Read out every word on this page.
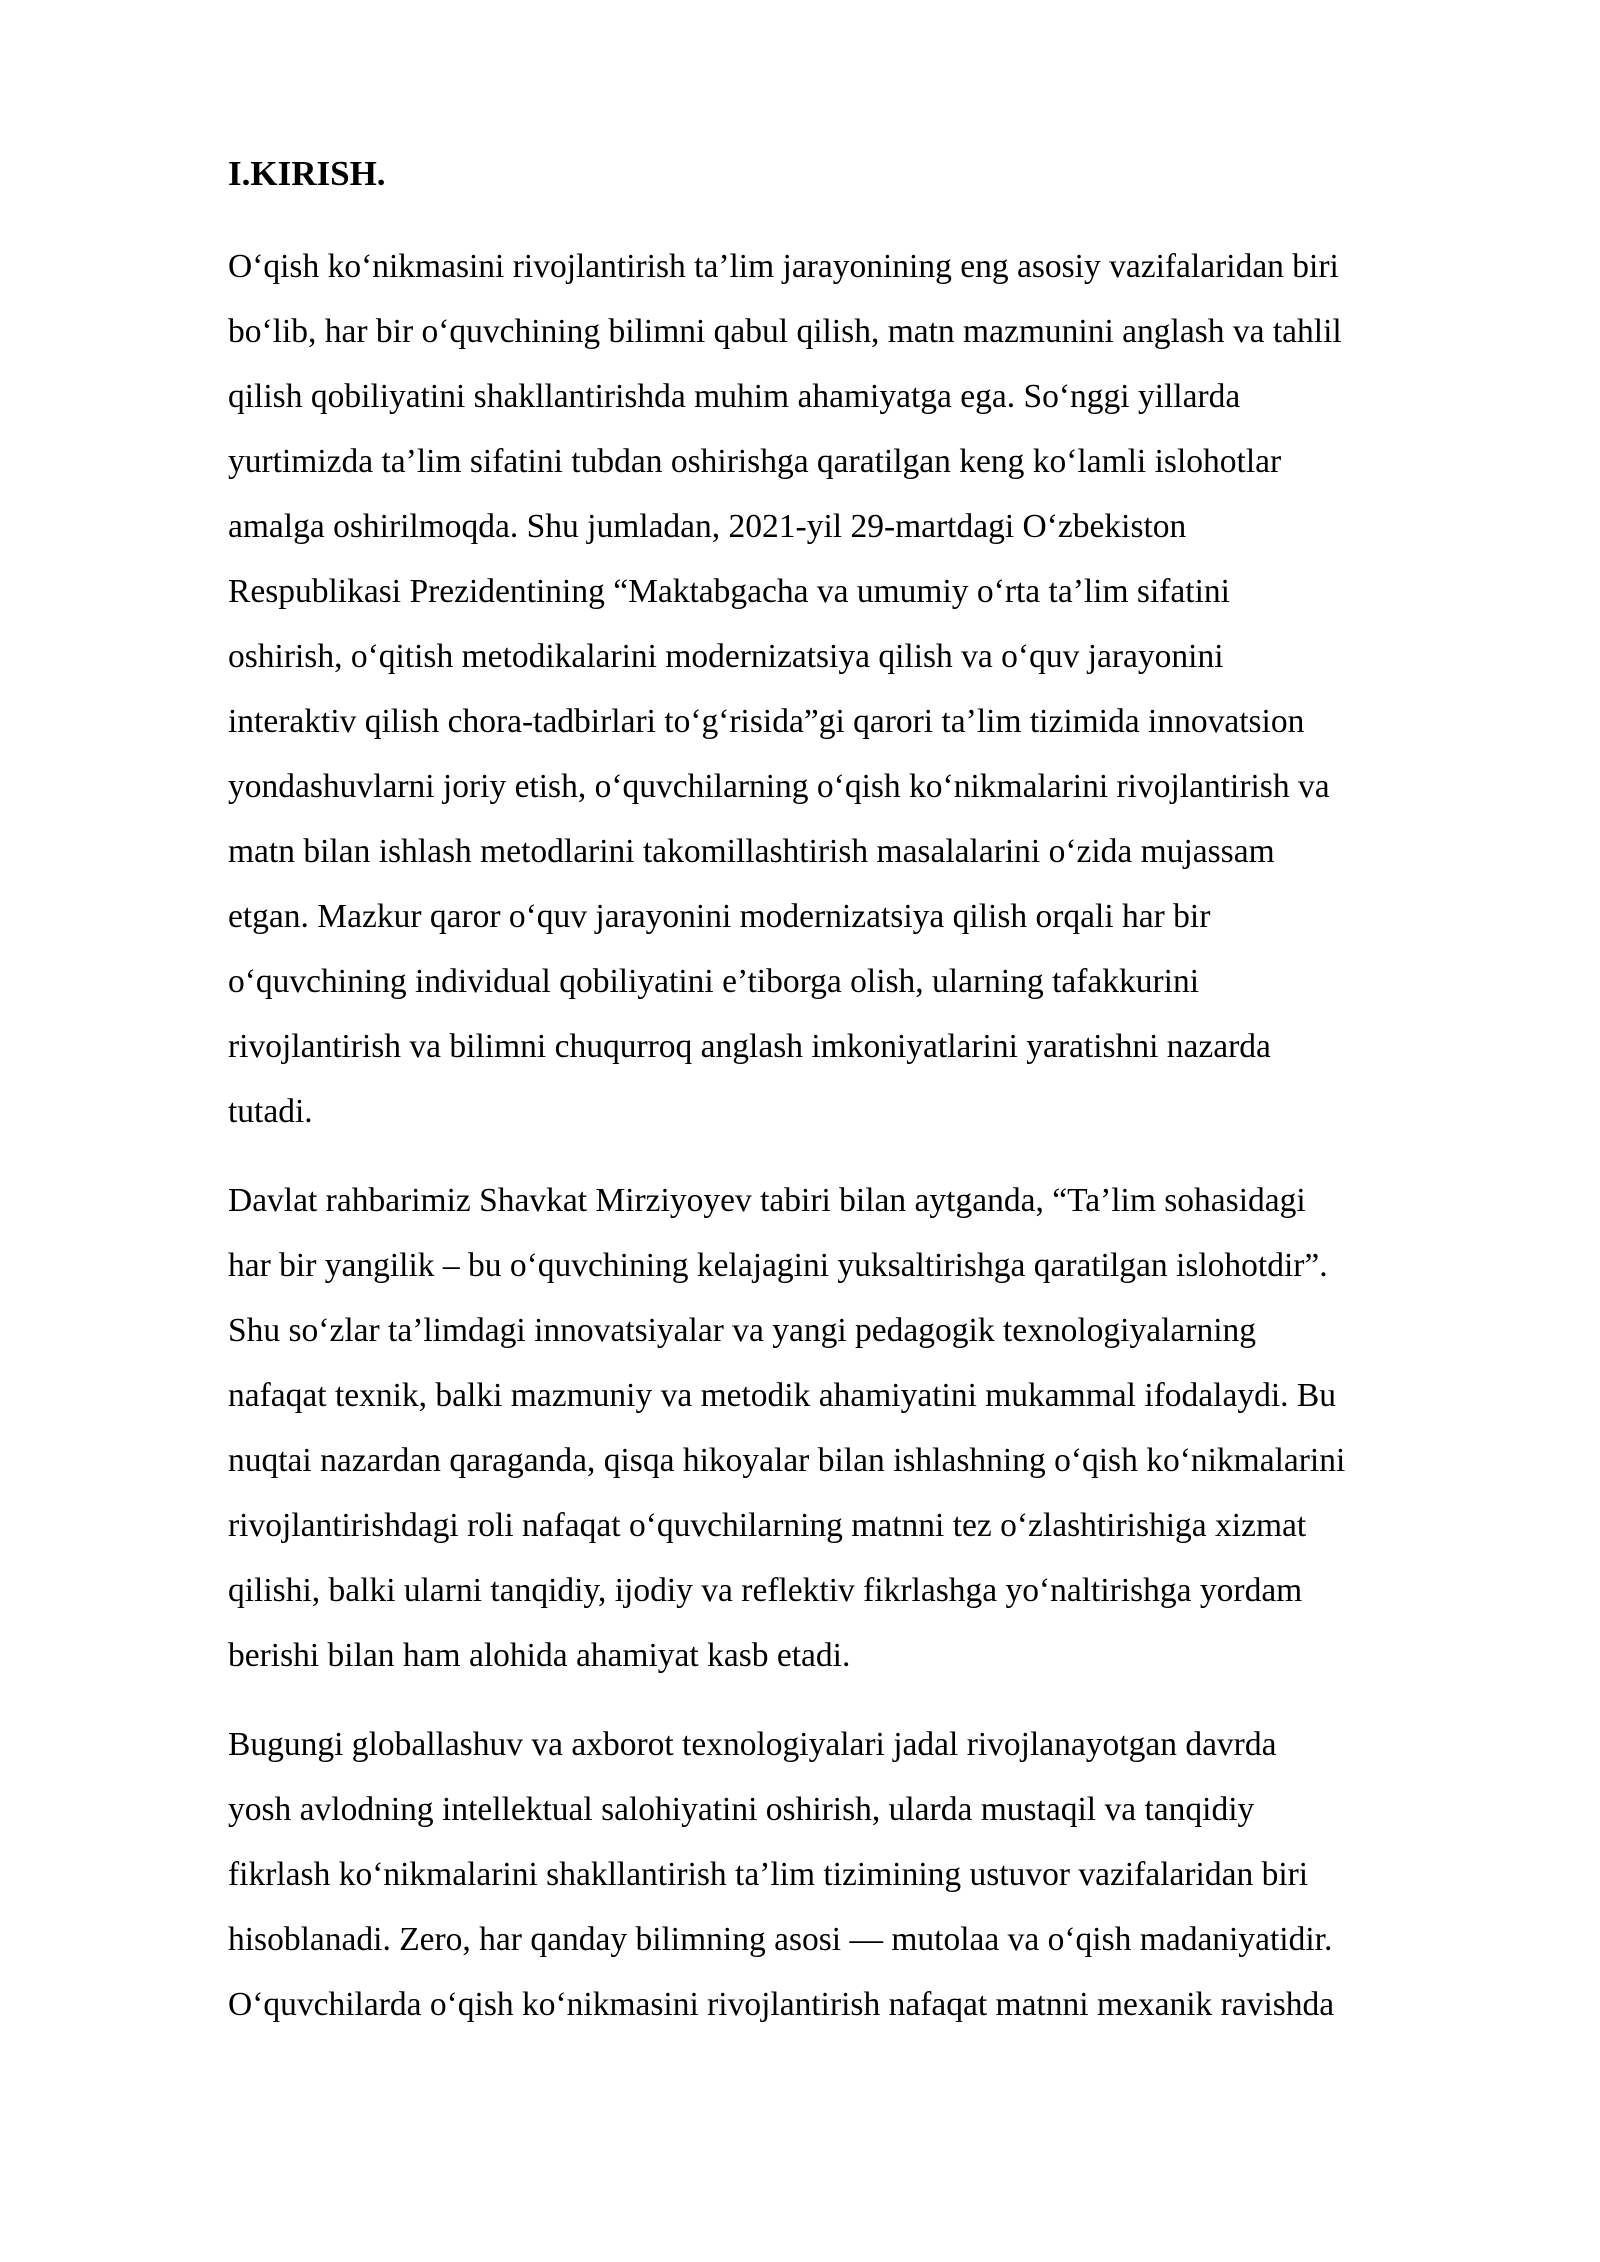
I.KIRISH.
O‘qish ko‘nikmasini rivojlantirish ta’lim jarayonining eng asosiy vazifalaridan biri
bo‘lib, har bir o‘quvchining bilimni qabul qilish, matn mazmunini anglash va tahlil
qilish qobiliyatini shakllantirishda muhim ahamiyatga ega. So‘nggi yillarda
yurtimizda ta’lim sifatini tubdan oshirishga qaratilgan keng ko‘lamli islohotlar
amalga oshirilmoqda. Shu jumladan, 2021-yil 29-martdagi O‘zbekiston
Respublikasi Prezidentining “Maktabgacha va umumiy o‘rta ta’lim sifatini
oshirish, o‘qitish metodikalarini modernizatsiya qilish va o‘quv jarayonini
interaktiv qilish chora-tadbirlari to‘g‘risida”gi qarori ta’lim tizimida innovatsion
yondashuvlarni joriy etish, o‘quvchilarning o‘qish ko‘nikmalarini rivojlantirish va
matn bilan ishlash metodlarini takomillashtirish masalalarini o‘zida mujassam
etgan. Mazkur qaror o‘quv jarayonini modernizatsiya qilish orqali har bir
o‘quvchining individual qobiliyatini e’tiborga olish, ularning tafakkurini
rivojlantirish va bilimni chuqurroq anglash imkoniyatlarini yaratishni nazarda
tutadi.
Davlat rahbarimiz Shavkat Mirziyoyev tabiri bilan aytganda, “Ta’lim sohasidagi
har bir yangilik – bu o‘quvchining kelajagini yuksaltirishga qaratilgan islohotdir”.
Shu so‘zlar ta’limdagi innovatsiyalar va yangi pedagogik texnologiyalarning
nafaqat texnik, balki mazmuniy va metodik ahamiyatini mukammal ifodalaydi. Bu
nuqtai nazardan qaraganda, qisqa hikoyalar bilan ishlashning o‘qish ko‘nikmalarini
rivojlantirishdagi roli nafaqat o‘quvchilarning matnni tez o‘zlashtirishiga xizmat
qilishi, balki ularni tanqidiy, ijodiy va reflektiv fikrlashga yo‘naltirishga yordam
berishi bilan ham alohida ahamiyat kasb etadi.
Bugungi globallashuv va axborot texnologiyalari jadal rivojlanayotgan davrda
yosh avlodning intellektual salohiyatini oshirish, ularda mustaqil va tanqidiy
fikrlash ko‘nikmalarini shakllantirish ta’lim tizimining ustuvor vazifalaridan biri
hisoblanadi. Zero, har qanday bilimning asosi — mutolaa va o‘qish madaniyatidir.
O‘quvchilarda o‘qish ko‘nikmasini rivojlantirish nafaqat matnni mexanik ravishda
